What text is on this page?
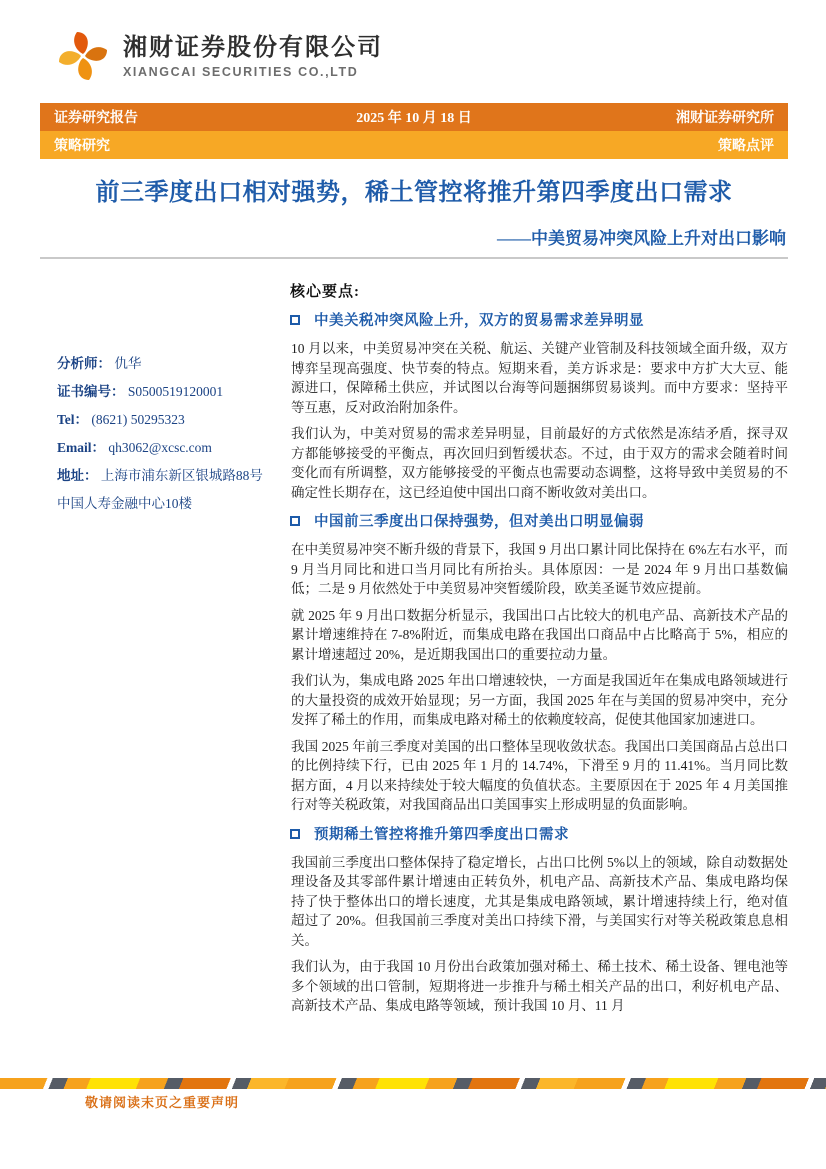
湘财证券股份有限公司
XIANGCAI SECURITIES CO.,LTD
证券研究报告	2025 年 10 月 18 日	湘财证券研究所
策略研究	策略点评
前三季度出口相对强势，稀土管控将推升第四季度出口需求
——中美贸易冲突风险上升对出口影响
分析师： 仇华
证书编号： S0500519120001
Tel： (8621) 50295323
Email： qh3062@xcsc.com
地址： 上海市浦东新区银城路88号
中国人寿金融中心10楼
核心要点:
中美关税冲突风险上升，双方的贸易需求差异明显

10 月以来，中美贸易冲突在关税、航运、关键产业管制及科技领域全面升级，双方博弈呈现高强度、快节奏的特点。短期来看，美方诉求是：要求中方扩大大豆、能源进口，保障稀土供应，并试图以台海等问题捆绑贸易谈判。而中方要求：坚持平等互惠，反对政治附加条件。

我们认为，中美对贸易的需求差异明显，目前最好的方式依然是冻结矛盾，探寻双方都能够接受的平衡点，再次回归到暂缓状态。不过，由于双方的需求会随着时间变化而有所调整，双方能够接受的平衡点也需要动态调整，这将导致中美贸易的不确定性长期存在，这已经迫使中国出口商不断收敛对美出口。

中国前三季度出口保持强势，但对美出口明显偏弱

在中美贸易冲突不断升级的背景下，我国 9 月出口累计同比保持在 6%左右水平，而 9 月当月同比和进口当月同比有所抬头。具体原因：一是 2024 年 9 月出口基数偏低；二是 9 月依然处于中美贸易冲突暂缓阶段，欧美圣诞节效应提前。

就 2025 年 9 月出口数据分析显示，我国出口占比较大的机电产品、高新技术产品的累计增速维持在 7-8%附近，而集成电路在我国出口商品中占比略高于 5%，相应的累计增速超过 20%，是近期我国出口的重要拉动力量。

我们认为，集成电路 2025 年出口增速较快，一方面是我国近年在集成电路领域进行的大量投资的成效开始显现；另一方面，我国 2025 年在与美国的贸易冲突中，充分发挥了稀土的作用，而集成电路对稀土的依赖度较高，促使其他国家加速进口。

我国 2025 年前三季度对美国的出口整体呈现收敛状态。我国出口美国商品占总出口的比例持续下行，已由 2025 年 1 月的 14.74%，下滑至 9 月的 11.41%。当月同比数据方面，4 月以来持续处于较大幅度的负值状态。主要原因在于 2025 年 4 月美国推行对等关税政策，对我国商品出口美国事实上形成明显的负面影响。

预期稀土管控将推升第四季度出口需求

我国前三季度出口整体保持了稳定增长，占出口比例 5%以上的领域，除自动数据处理设备及其零部件累计增速由正转负外，机电产品、高新技术产品、集成电路均保持了快于整体出口的增长速度，尤其是集成电路领域，累计增速持续上行，绝对值超过了 20%。但我国前三季度对美出口持续下滑，与美国实行对等关税政策息息相关。

我们认为，由于我国 10 月份出台政策加强对稀土、稀土技术、稀土设备、锂电池等多个领域的出口管制，短期将进一步推升与稀土相关产品的出口，利好机电产品、高新技术产品、集成电路等领域，预计我国 10 月、11 月

敬请阅读末页之重要声明
